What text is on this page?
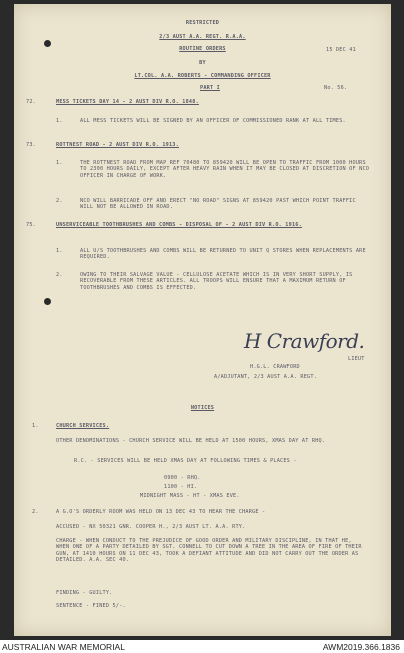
RESTRICTED
2/3 AUST A.A. REGT. R.A.A.
ROUTINE ORDERS	15 DEC 41
BY
LT.COL. A.A. ROBERTS - COMMANDING OFFICER
PART I	No. 56.
72.	MESS TICKETS DAY 14 - 2 AUST DIV R.O. 1848.
1.	ALL MESS TICKETS WILL BE SIGNED BY AN OFFICER OF COMMISSIONED RANK AT ALL TIMES.
73.	ROTTNEST ROAD - 2 AUST DIV R.O. 1913.
1.	THE ROTTNEST ROAD FROM MAP REF 70480 TO 859420 WILL BE OPEN TO TRAFFIC FROM 1000 HOURS TO 2300 HOURS DAILY, EXCEPT AFTER HEAVY RAIN WHEN IT MAY BE CLOSED AT DISCRETION OF NCO OFFICER IN CHARGE OF WORK.
2.	NCO WILL BARRICADE OFF AND ERECT "NO ROAD" SIGNS AT 859420 PAST WHICH POINT TRAFFIC WILL NOT BE ALLOWED IN ROAD.
75.	UNSERVICEABLE TOOTHBRUSHES AND COMBS - DISPOSAL OF - 2 AUST DIV R.O. 1916.
1.	ALL U/S TOOTHBRUSHES AND COMBS WILL BE RETURNED TO UNIT Q STORES WHEN REPLACEMENTS ARE REQUIRED.
2.	OWING TO THEIR SALVAGE VALUE - CELLULOSE ACETATE WHICH IS IN VERY SHORT SUPPLY, IS RECOVERABLE FROM THESE ARTICLES. ALL TROOPS WILL ENSURE THAT A MAXIMUM RETURN OF TOOTHBRUSHES AND COMBS IS EFFECTED.
H Crawford.
LIEUT
H.G.L. CRAWFORD
A/ADJUTANT, 2/3 AUST A.A. REGT.
NOTICES
1.	CHURCH SERVICES.
OTHER DENOMINATIONS - CHURCH SERVICE WILL BE HELD AT 1500 HOURS, XMAS DAY AT RHQ.
R.C. - SERVICES WILL BE HELD XMAS DAY AT FOLLOWING TIMES & PLACES -
0900 - RHQ.
1100 - HI.
MIDNIGHT MASS - HT - XMAS EVE.
2.	A G.O'S ORDERLY ROOM WAS HELD ON 13 DEC 43 TO HEAR THE CHARGE -
ACCUSED - NX 50321 GNR. COOPER H., 2/3 AUST LT. A.A. RTY.
CHARGE - WHEN CONDUCT TO THE PREJUDICE OF GOOD ORDER AND MILITARY DISCIPLINE, IN THAT HE, WHEN ONE OF A PARTY DETAILED BY SGT. CONNELL TO CUT DOWN A TREE IN THE AREA OF FIRE OF THEIR GUN, AT 1410 HOURS ON 11 DEC 43, TOOK A DEFIANT ATTITUDE AND DID NOT CARRY OUT THE ORDER AS DETAILED. A.A. SEC 40.
FINDING - GUILTY.
SENTENCE - FINED 5/-.
AUSTRALIAN WAR MEMORIAL	AWM2019.366.1836
